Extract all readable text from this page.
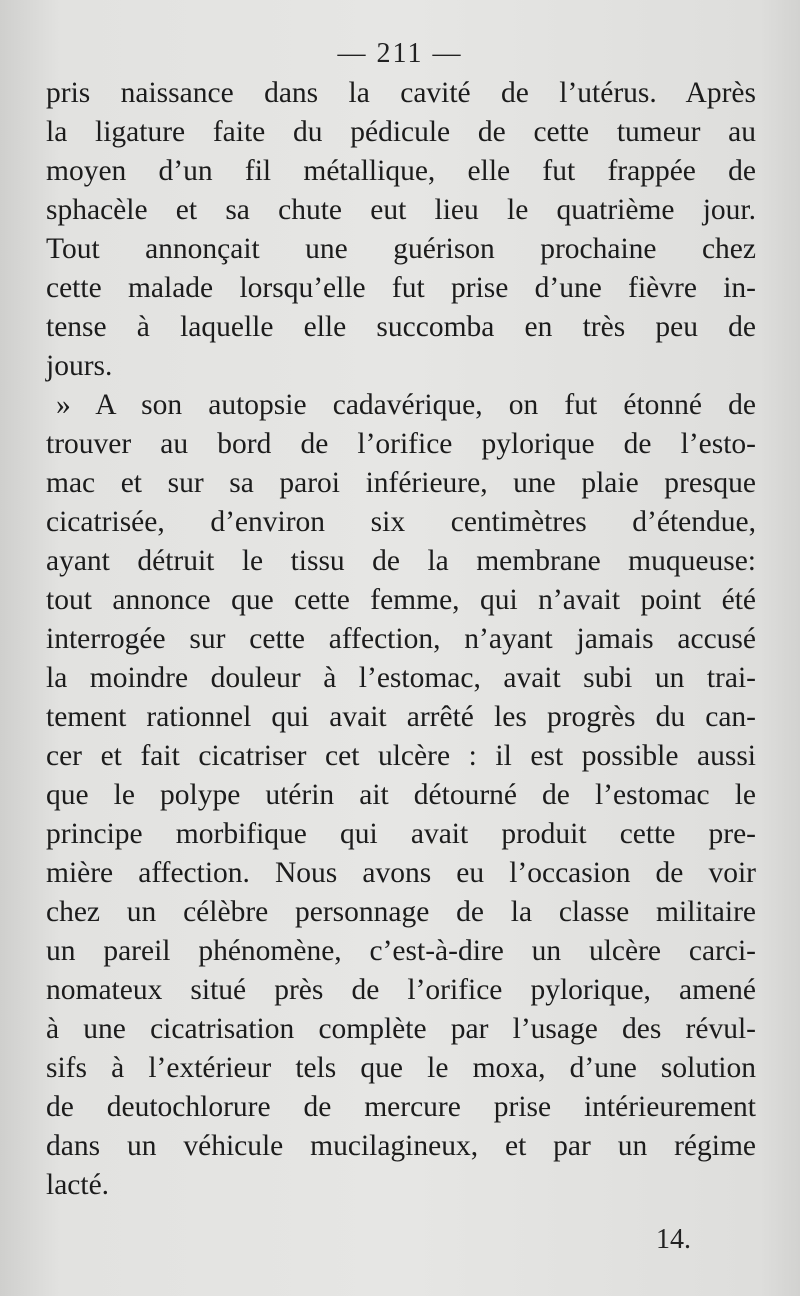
— 211 —
pris naissance dans la cavité de l’utérus. Après
la ligature faite du pédicule de cette tumeur au
moyen d’un fil métallique, elle fut frappée de
sphacèle et sa chute eut lieu le quatrième jour.
Tout annonçait une guérison prochaine chez
cette malade lorsqu’elle fut prise d’une fièvre in-
tense à laquelle elle succomba en très peu de
jours.
» A son autopsie cadavérique, on fut étonné de
trouver au bord de l’orifice pylorique de l’esto-
mac et sur sa paroi inférieure, une plaie presque
cicatrisée, d’environ six centimètres d’étendue,
ayant détruit le tissu de la membrane muqueuse:
tout annonce que cette femme, qui n’avait point été
interrogée sur cette affection, n’ayant jamais accusé
la moindre douleur à l’estomac, avait subi un trai-
tement rationnel qui avait arrêté les progrès du can-
cer et fait cicatriser cet ulcère : il est possible aussi
que le polype utérin ait détourné de l’estomac le
principe morbifique qui avait produit cette pre-
mière affection. Nous avons eu l’occasion de voir
chez un célèbre personnage de la classe militaire
un pareil phénomène, c’est-à-dire un ulcère carci-
nomateux situé près de l’orifice pylorique, amené
à une cicatrisation complète par l’usage des révul-
sifs à l’extérieur tels que le moxa, d’une solution
de deutochlorure de mercure prise intérieurement
dans un véhicule mucilagineux, et par un régime
lacté.
14.
